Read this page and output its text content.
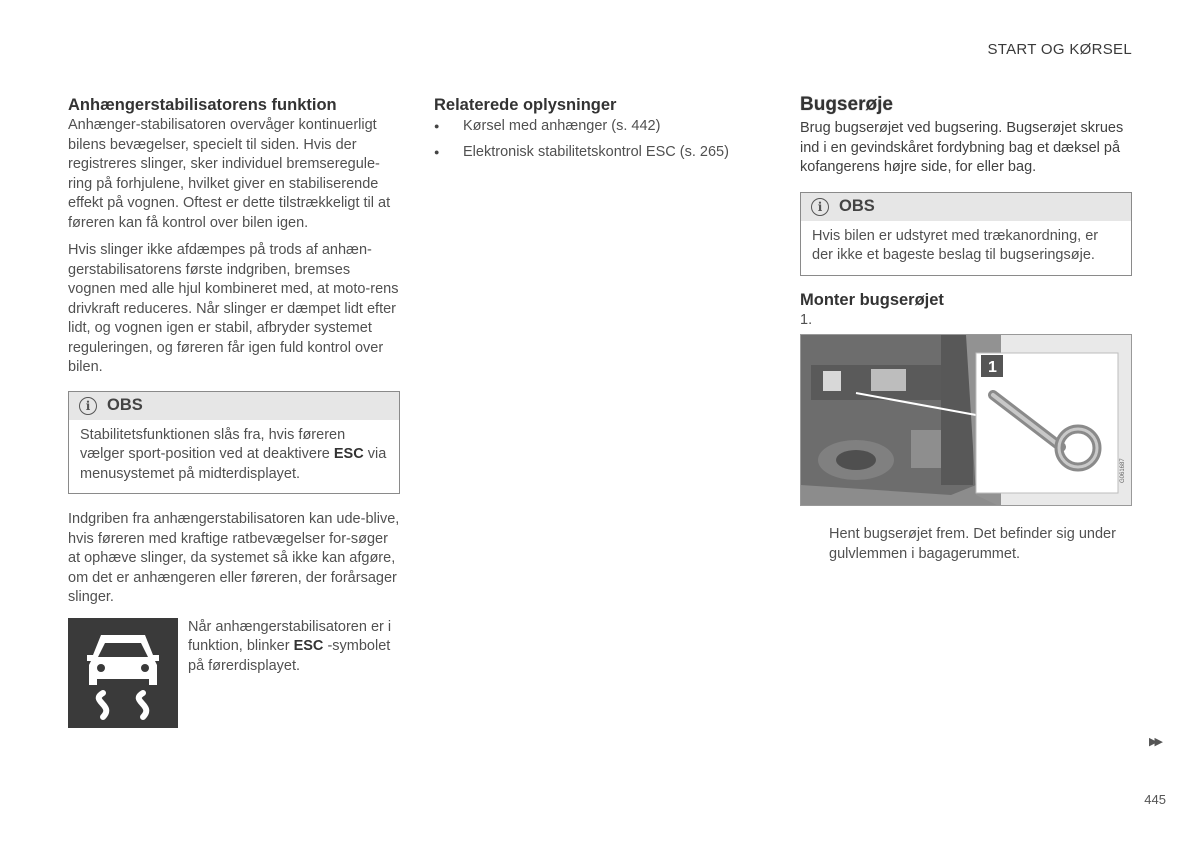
START OG KØRSEL
Anhængerstabilisatorens funktion

Anhænger-stabilisatoren overvåger kontinuerligt bilens bevægelser, specielt til siden. Hvis der registreres slinger, sker individuel bremseregule-ring på forhjulene, hvilket giver en stabiliserende effekt på vognen. Oftest er dette tilstrækkeligt til at føreren kan få kontrol over bilen igen.

Hvis slinger ikke afdæmpes på trods af anhæn-gerstabilisatorens første indgriben, bremses vognen med alle hjul kombineret med, at moto-rens drivkraft reduceres. Når slinger er dæmpet lidt efter lidt, og vognen igen er stabil, afbryder systemet reguleringen, og føreren får igen fuld kontrol over bilen.

i	OBS
Stabilitetsfunktionen slås fra, hvis føreren vælger sport-position ved at deaktivere ESC via menusystemet på midterdisplayet.

Indgriben fra anhængerstabilisatoren kan ude-blive, hvis føreren med kraftige ratbevægelser for-søger at ophæve slinger, da systemet så ikke kan afgøre, om det er anhængeren eller føreren, der forårsager slinger.

Når anhængerstabilisatoren er i funktion, blinker ESC -symbolet på førerdisplayet.
Relaterede oplysninger
● Kørsel med anhænger (s. 442)
● Elektronisk stabilitetskontrol ESC (s. 265)
Bugserøje

Brug bugserøjet ved bugsering. Bugserøjet skrues ind i en gevindskåret fordybning bag et dæksel på kofangerens højre side, for eller bag.

i	OBS
Hvis bilen er udstyret med trækanordning, er der ikke et bageste beslag til bugseringsøje.
Monter bugserøjet

1.

1
G061687

Hent bugserøjet frem. Det befinder sig under gulvlemmen i bagagerummet.

▶▶
445
